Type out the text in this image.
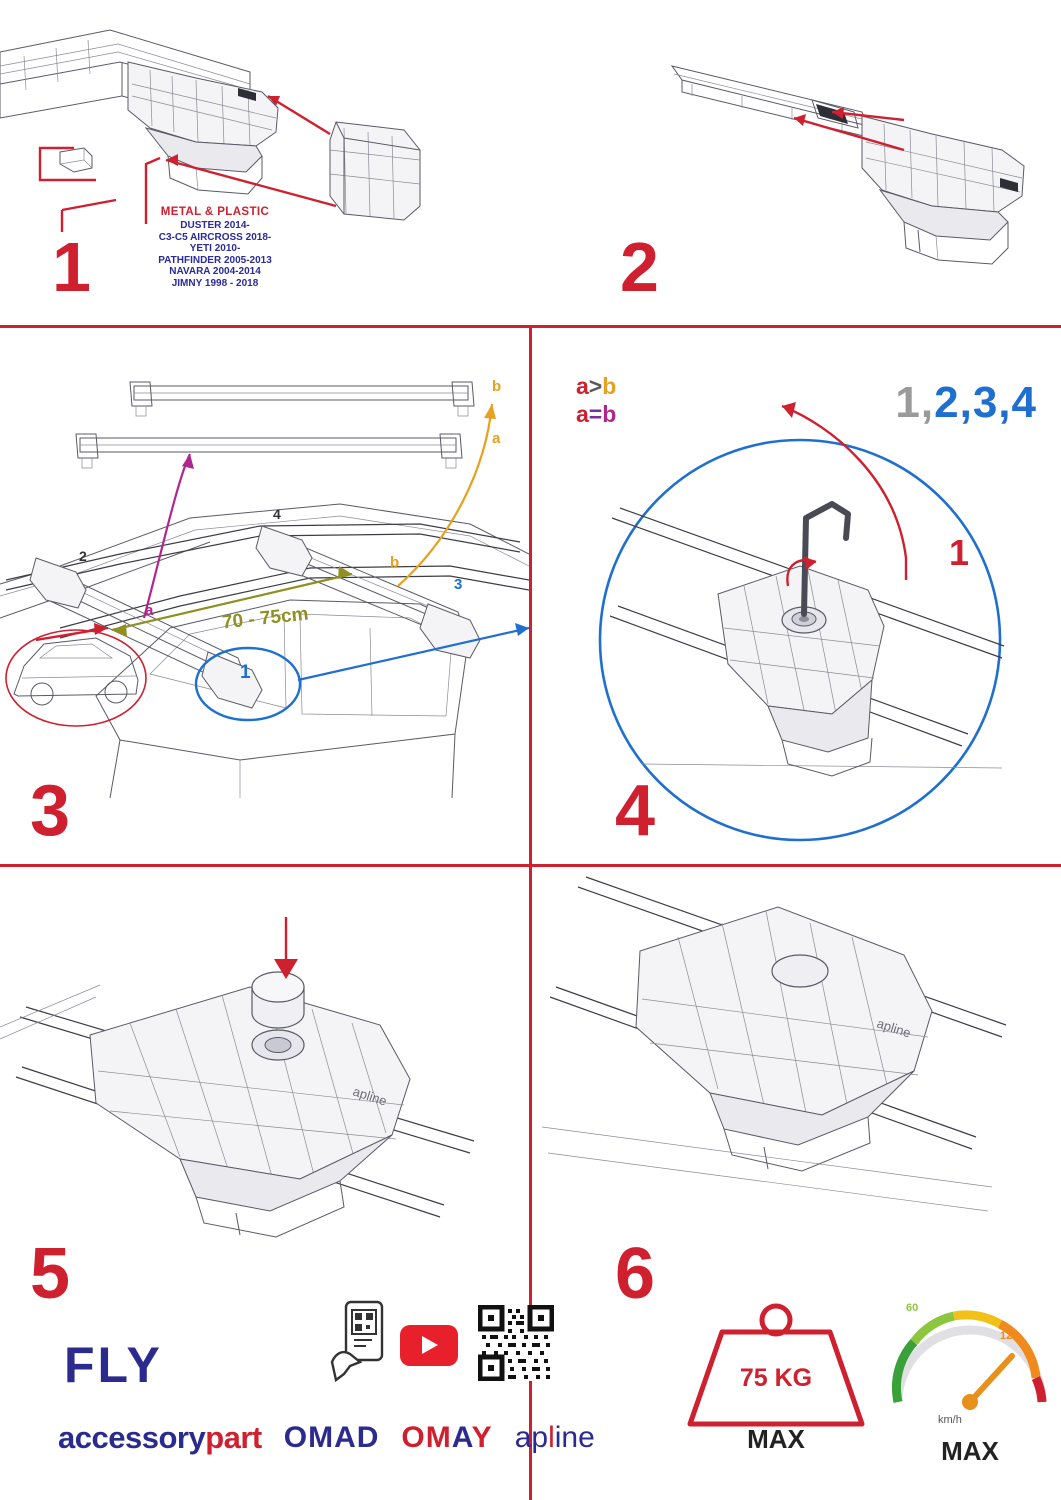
1
METAL & PLASTIC
DUSTER 2014-
C3-C5 AIRCROSS 2018-
YETI 2010-
PATHFINDER 2005-2013
NAVARA 2004-2014
JIMNY 1998 - 2018	2
b
a
a
b
2
3
4
1
70 - 75cm
a>b
a=b
3
1,2,3,4
1
4
apline
5
apline
6
FLY
accessorypart OMAD OMAY apline
75 KG
MAX
60
120
km/h
MAX
